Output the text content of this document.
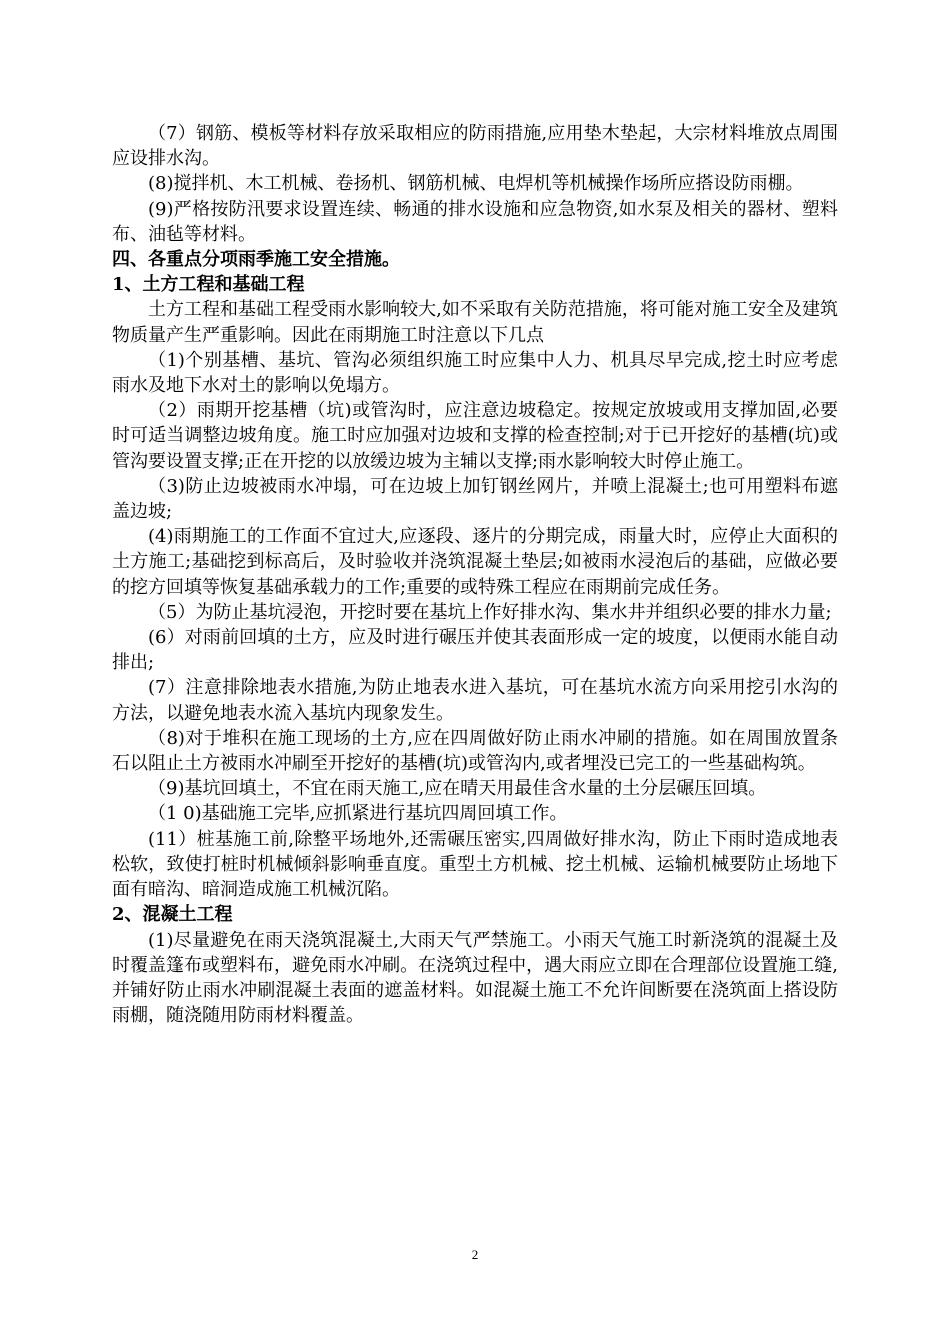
（7）钢筋、模板等材料存放采取相应的防雨措施,应用垫木垫起，大宗材料堆放点周围应设排水沟。

(8)搅拌机、木工机械、卷扬机、钢筋机械、电焊机等机械操作场所应搭设防雨棚。

(9)严格按防汛要求设置连续、畅通的排水设施和应急物资,如水泵及相关的器材、塑料布、油毡等材料。

四、各重点分项雨季施工安全措施。

1、土方工程和基础工程

土方工程和基础工程受雨水影响较大,如不采取有关防范措施，将可能对施工安全及建筑物质量产生严重影响。因此在雨期施工时注意以下几点

（1)个别基槽、基坑、管沟必须组织施工时应集中人力、机具尽早完成,挖土时应考虑雨水及地下水对土的影响以免塌方。

（2）雨期开挖基槽（坑)或管沟时，应注意边坡稳定。按规定放坡或用支撑加固,必要时可适当调整边坡角度。施工时应加强对边坡和支撑的检查控制;对于已开挖好的基槽(坑)或管沟要设置支撑;正在开挖的以放缓边坡为主辅以支撑;雨水影响较大时停止施工。

（3)防止边坡被雨水冲塌，可在边坡上加钉钢丝网片，并喷上混凝土;也可用塑料布遮盖边坡;

(4)雨期施工的工作面不宜过大,应逐段、逐片的分期完成，雨量大时，应停止大面积的土方施工;基础挖到标高后，及时验收并浇筑混凝土垫层;如被雨水浸泡后的基础，应做必要的挖方回填等恢复基础承载力的工作;重要的或特殊工程应在雨期前完成任务。

（5）为防止基坑浸泡，开挖时要在基坑上作好排水沟、集水井并组织必要的排水力量;

(6）对雨前回填的土方，应及时进行碾压并使其表面形成一定的坡度，以便雨水能自动排出;

(7）注意排除地表水措施,为防止地表水进入基坑，可在基坑水流方向采用挖引水沟的方法，以避免地表水流入基坑内现象发生。

（8)对于堆积在施工现场的土方,应在四周做好防止雨水冲刷的措施。如在周围放置条石以阻止土方被雨水冲刷至开挖好的基槽(坑)或管沟内,或者埋没已完工的一些基础构筑。

（9)基坑回填土，不宜在雨天施工,应在晴天用最佳含水量的土分层碾压回填。

（1 0)基础施工完毕,应抓紧进行基坑四周回填工作。

(11）桩基施工前,除整平场地外,还需碾压密实,四周做好排水沟，防止下雨时造成地表松软，致使打桩时机械倾斜影响垂直度。重型土方机械、挖土机械、运输机械要防止场地下面有暗沟、暗洞造成施工机械沉陷。

2、混凝土工程

(1)尽量避免在雨天浇筑混凝土,大雨天气严禁施工。小雨天气施工时新浇筑的混凝土及时覆盖篷布或塑料布，避免雨水冲刷。在浇筑过程中，遇大雨应立即在合理部位设置施工缝,并铺好防止雨水冲刷混凝土表面的遮盖材料。如混凝土施工不允许间断要在浇筑面上搭设防雨棚，随浇随用防雨材料覆盖。

2
